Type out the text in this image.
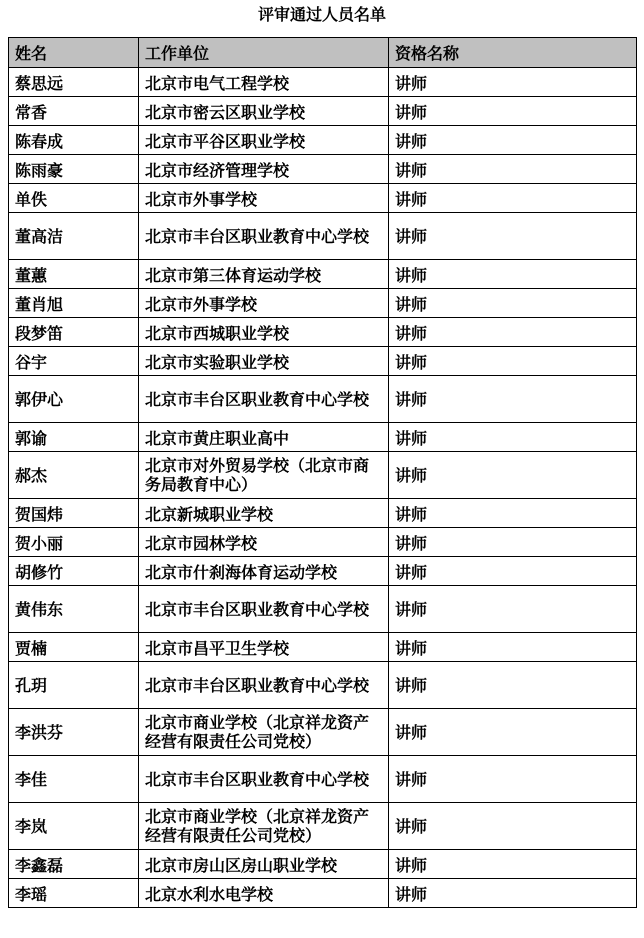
评审通过人员名单
姓名	工作单位	资格名称
蔡思远	北京市电气工程学校	讲师
常香	北京市密云区职业学校	讲师
陈春成	北京市平谷区职业学校	讲师
陈雨豪	北京市经济管理学校	讲师
单佚	北京市外事学校	讲师
董高洁	北京市丰台区职业教育中心学校	讲师
董蕙	北京市第三体育运动学校	讲师
董肖旭	北京市外事学校	讲师
段梦笛	北京市西城职业学校	讲师
谷宇	北京市实验职业学校	讲师
郭伊心	北京市丰台区职业教育中心学校	讲师
郭谕	北京市黄庄职业高中	讲师
郝杰	北京市对外贸易学校（北京市商务局教育中心）	讲师
贺国炜	北京新城职业学校	讲师
贺小丽	北京市园林学校	讲师
胡修竹	北京市什刹海体育运动学校	讲师
黄伟东	北京市丰台区职业教育中心学校	讲师
贾楠	北京市昌平卫生学校	讲师
孔玥	北京市丰台区职业教育中心学校	讲师
李洪芬	北京市商业学校（北京祥龙资产经营有限责任公司党校）	讲师
李佳	北京市丰台区职业教育中心学校	讲师
李岚	北京市商业学校（北京祥龙资产经营有限责任公司党校）	讲师
李鑫磊	北京市房山区房山职业学校	讲师
李瑶	北京水利水电学校	讲师
